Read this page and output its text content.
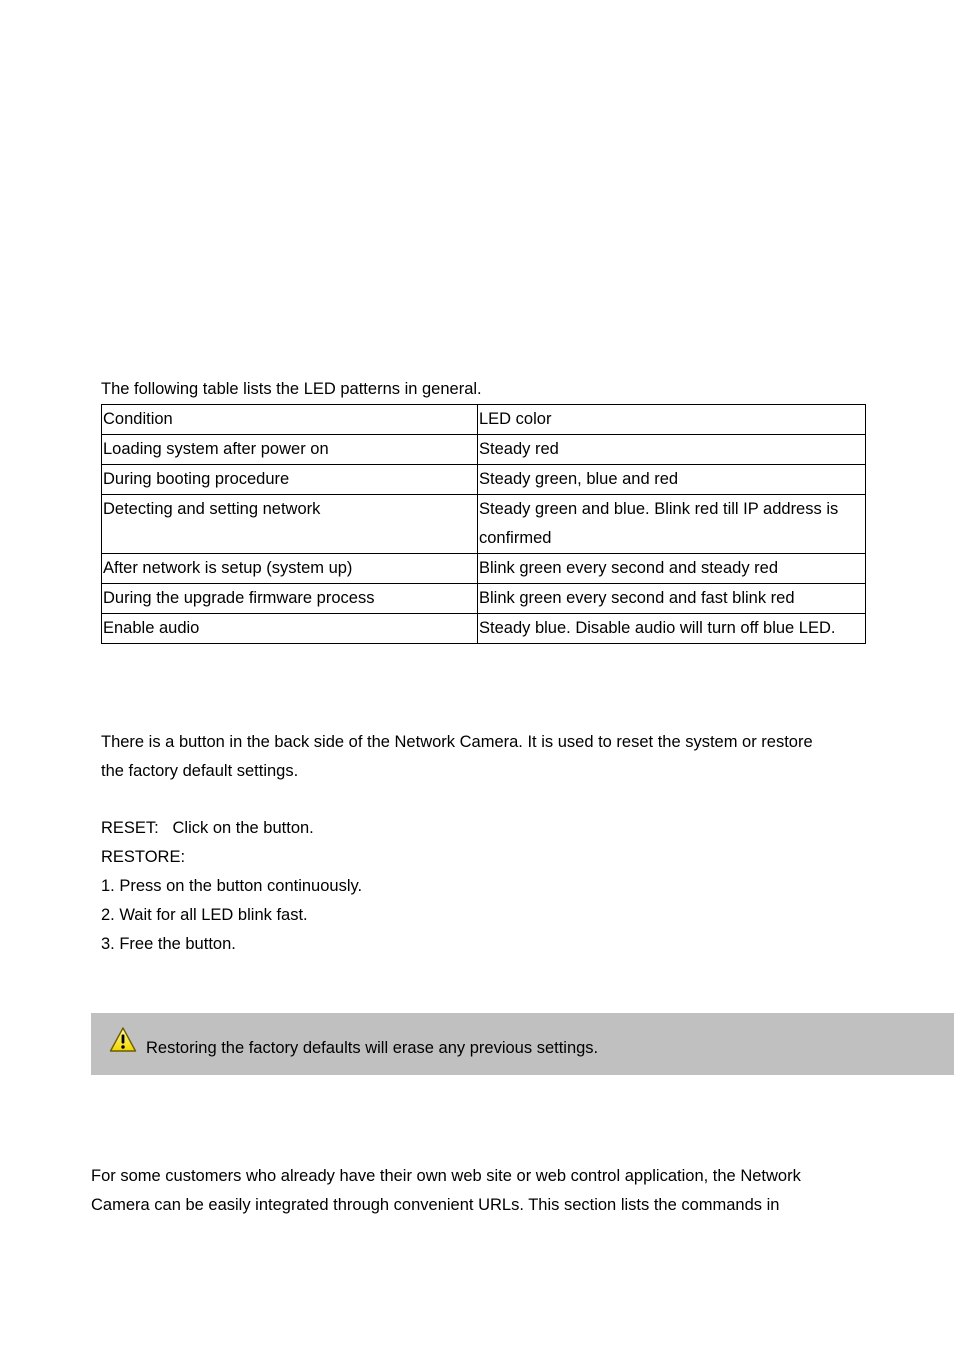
The following table lists the LED patterns in general.

Condition	LED color
Loading system after power on	Steady red
During booting procedure	Steady green, blue and red
Detecting and setting network	Steady green and blue. Blink red till IP address is
confirmed
After network is setup (system up)	Blink green every second and steady red
During the upgrade firmware process	Blink green every second and fast blink red
Enable audio	Steady blue. Disable audio will turn off blue LED.

There is a button in the back side of the Network Camera. It is used to reset the system or restore

the factory default settings.

RESET:   Click on the button.

RESTORE:

1. Press on the button continuously.

2. Wait for all LED blink fast.

3. Free the button.

Restoring the factory defaults will erase any previous settings.

For some customers who already have their own web site or web control application, the Network

Camera can be easily integrated through convenient URLs. This section lists the commands in
